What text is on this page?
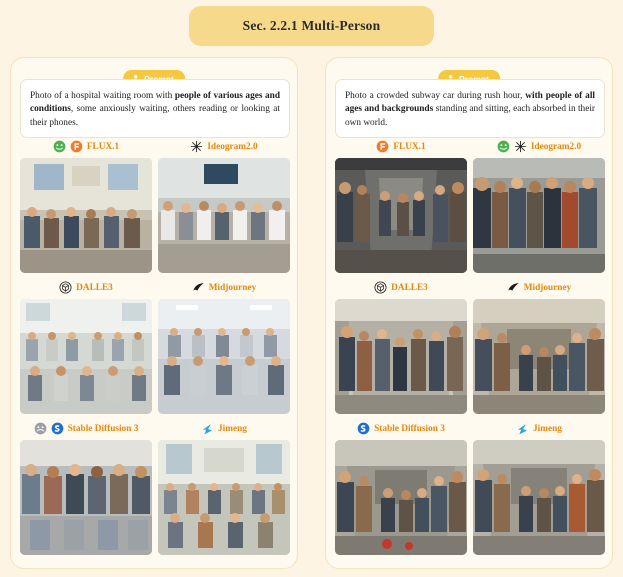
Sec. 2.2.1 Multi-Person
Photo of a hospital waiting room with people of various ages and conditions, some anxiously waiting, others reading or looking at their phones.
FLUX.1	Ideogram2.0
DALLE3	Midjourney
Stable Diffusion 3	Jimeng
Photo a crowded subway car during rush hour, with people of all ages and backgrounds standing and sitting, each absorbed in their own world.
FLUX.1	Ideogram2.0
DALLE3	Midjourney
Stable Diffusion 3	Jimeng
